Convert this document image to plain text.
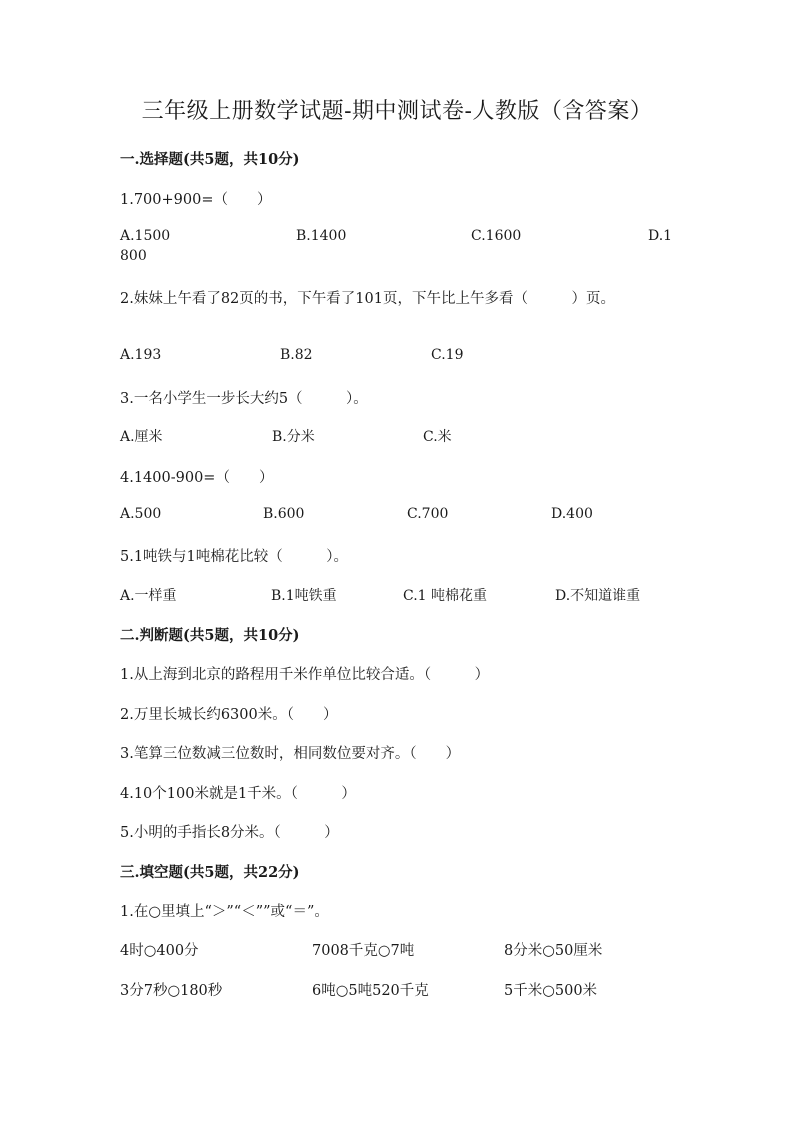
三年级上册数学试题-期中测试卷-人教版（含答案）
一.选择题(共5题，共10分)
1.700+900=（　　）
A.1500	B.1400	C.1600	D.1
800
2.妹妹上午看了82页的书，下午看了101页，下午比上午多看（　　　）页。
A.193	B.82	C.19
3.一名小学生一步长大约5（　　　）。
A.厘米	B.分米	C.米
4.1400-900=（　　）
A.500	B.600	C.700	D.400
5.1吨铁与1吨棉花比较（　　　）。
A.一样重	B.1吨铁重	C.1 吨棉花重	D.不知道谁重
二.判断题(共5题，共10分)
1.从上海到北京的路程用千米作单位比较合适。（　　　）
2.万里长城长约6300米。（　　）
3.笔算三位数减三位数时，相同数位要对齐。（　　）
4.10个100米就是1千米。（　　　）
5.小明的手指长8分米。（　　　）
三.填空题(共5题，共22分)
1.在○里填上“＞”“＜””或“＝”。
4时○400分	7008千克○7吨	8分米○50厘米
3分7秒○180秒	6吨○5吨520千克	5千米○500米
